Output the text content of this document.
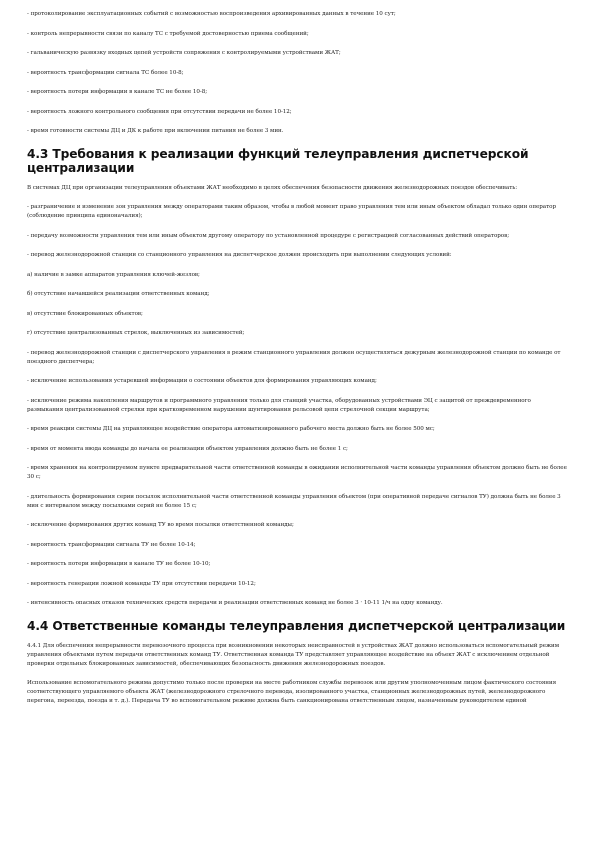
- протоколирование эксплуатационных событий с возможностью воспроизведения архивированных данных в течение 10 сут;

- контроль непрерывности связи по каналу ТС с требуемой достоверностью приема сообщений;

- гальваническую развязку входных цепей устройств сопряжения с контролируемыми устройствами ЖАТ;

- вероятность трансформации сигнала ТС более 10-8;

- вероятность потери информации в канале ТС не более 10-8;

- вероятность ложного контрольного сообщения при отсутствии передачи не более 10-12;

- время готовности системы ДЦ и ДК к работе при включении питания не более 3 мин.

4.3 Требования к реализации функций телеуправления диспетчерской централизации

В системах ДЦ при организации телеуправления объектами ЖАТ необходимо в целях обеспечения безопасности движения железнодорожных поездов обеспечивать:

- разграничение и изменение зон управления между операторами таким образом, чтобы в любой момент право управления тем или иным объектом обладал только один оператор (соблюдение принципа единоначалия);

- передачу возможности управления тем или иным объектом другому оператору по установленной процедуре с регистрацией согласованных действий операторов;

- перевод железнодорожной станции со станционного управления на диспетчерское должен происходить при выполнении следующих условий:

а) наличие в замке аппаратов управления ключей-жезлов;

б) отсутствие начавшейся реализации ответственных команд;

в) отсутствие блокированных объектов;

г) отсутствие централизованных стрелок, выключенных из зависимостей;

- перевод железнодорожной станции с диспетчерского управления в режим станционного управления должен осуществляться дежурным железнодорожной станции по команде от поездного диспетчера;

- исключение использования устаревшей информации о состоянии объектов для формирования управляющих команд;

- исключение режима накопления маршрутов и программного управления только для станций участка, оборудованных устройствами ЭЦ с защитой от преждевременного размыкания централизованной стрелки при кратковременном нарушении шунтирования рельсовой цепи стрелочной секции маршрута;

- время реакции системы ДЦ на управляющее воздействие оператора автоматизированного рабочего места должно быть не более 500 мс;

- время от момента ввода команды до начала ее реализации объектом управления должно быть не более 1 с;

- время хранения на контролируемом пункте предварительной части ответственной команды в ожидании исполнительной части команды управления объектом должно быть не более 30 с;

- длительность формирования серии посылок исполнительной части ответственной команды управления объектом (при оперативной передаче сигналов ТУ) должна быть не более 3 мин с интервалом между посылками серий не более 15 с;

- исключение формирования других команд ТУ во время посылки ответственной команды;

- вероятность трансформации сигнала ТУ не более 10-14;

- вероятность потери информации в канале ТУ не более 10-10;

- вероятность генерации ложной команды ТУ при отсутствии передачи 10-12;

- интенсивность опасных отказов технических средств передачи и реализации ответственных команд не более 3 · 10-11 1/ч на одну команду.

4.4 Ответственные команды телеуправления диспетчерской централизации

4.4.1 Для обеспечения непрерывности перевозочного процесса при возникновении некоторых неисправностей в устройствах ЖАТ должно использоваться вспомогательный режим управления объектами путем передачи ответственных команд ТУ. Ответственная команда ТУ представляет управляющее воздействие на объект ЖАТ с исключением отдельной проверки отдельных блокированных зависимостей, обеспечивающих безопасность движения железнодорожных поездов.

Использование вспомогательного режима допустимо только после проверки на месте работником службы перевозок или другим уполномоченным лицом фактического состояния соответствующего управляемого объекта ЖАТ (железнодорожного стрелочного перевода, изолированного участка, станционных железнодорожных путей, железнодорожного перегона, переезда, поезда и т. д.). Передача ТУ во вспомогательном режиме должна быть санкционирована ответственным лицом, назначенным руководителем единой
